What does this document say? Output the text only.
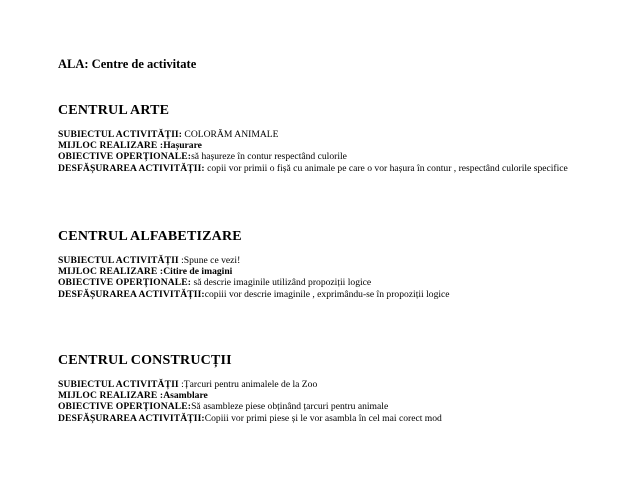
ALA: Centre de activitate
CENTRUL ARTE
SUBIECTUL ACTIVITĂȚII: COLORĂM ANIMALE
MIJLOC REALIZARE :Hașurare
OBIECTIVE OPERȚIONALE:să hașureze în contur respectând culorile
DESFĂȘURAREA ACTIVITĂȚII: copii vor primii o fișă cu animale pe care o vor hașura în contur , respectând culorile specifice
CENTRUL ALFABETIZARE
SUBIECTUL ACTIVITĂȚII :Spune ce vezi!
MIJLOC REALIZARE :Citire de imagini
OBIECTIVE OPERȚIONALE: să descrie imaginile utilizând propoziții logice
DESFĂȘURAREA ACTIVITĂȚII:copiii vor descrie imaginile , exprimându-se în propoziții logice
CENTRUL CONSTRUCȚII
SUBIECTUL ACTIVITĂȚII :Țarcuri pentru animalele de la Zoo
MIJLOC REALIZARE :Asamblare
OBIECTIVE OPERȚIONALE:Să asambleze piese obținând țarcuri pentru animale
DESFĂȘURAREA ACTIVITĂȚII:Copiii vor primi piese și le vor asambla în cel mai corect mod
